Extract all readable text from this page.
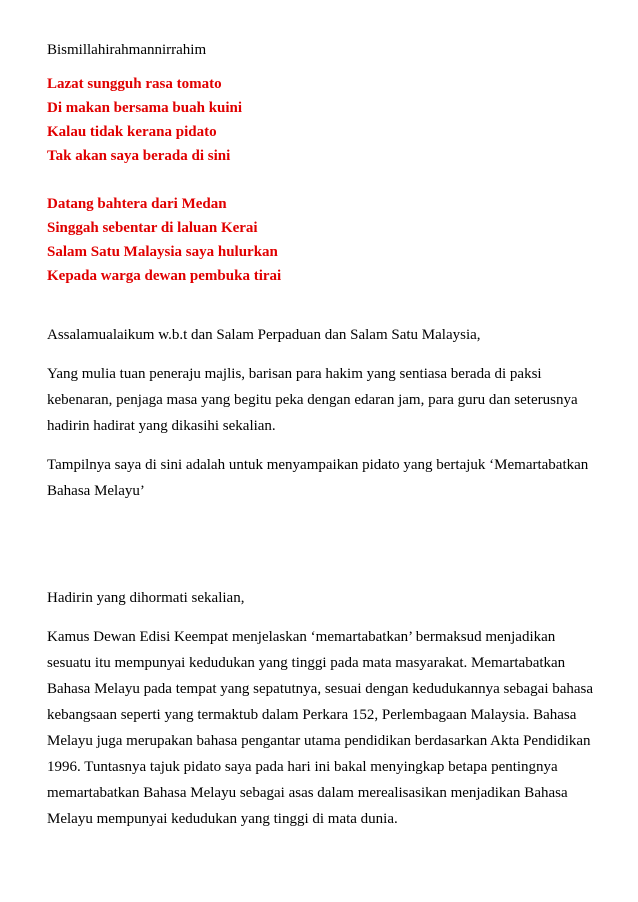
Bismillahirahmannirrahim
Lazat sungguh rasa tomato
Di makan bersama buah kuini
Kalau tidak kerana pidato
Tak akan saya berada di sini
Datang bahtera dari Medan
Singgah sebentar di laluan Kerai
Salam Satu Malaysia saya hulurkan
Kepada warga dewan pembuka tirai
Assalamualaikum w.b.t dan Salam Perpaduan dan Salam Satu Malaysia,
Yang mulia tuan peneraju majlis, barisan para hakim yang sentiasa berada di paksi
kebenaran, penjaga masa yang begitu peka dengan edaran jam, para guru dan seterusnya
hadirin hadirat yang dikasihi sekalian.
Tampilnya saya di sini adalah untuk menyampaikan pidato yang bertajuk ‘Memartabatkan
Bahasa Melayu’
Hadirin yang dihormati sekalian,
Kamus Dewan Edisi Keempat menjelaskan ‘memartabatkan’ bermaksud menjadikan
sesuatu itu mempunyai kedudukan yang tinggi pada mata masyarakat. Memartabatkan
Bahasa Melayu pada tempat yang sepatutnya, sesuai dengan kedudukannya sebagai bahasa
kebangsaan seperti yang termaktub dalam Perkara 152, Perlembagaan Malaysia. Bahasa
Melayu juga merupakan bahasa pengantar utama pendidikan berdasarkan Akta Pendidikan
1996. Tuntasnya tajuk pidato saya pada hari ini bakal menyingkap betapa pentingnya
memartabatkan Bahasa Melayu sebagai asas dalam merealisasikan menjadikan Bahasa
Melayu mempunyai kedudukan yang tinggi di mata dunia.
